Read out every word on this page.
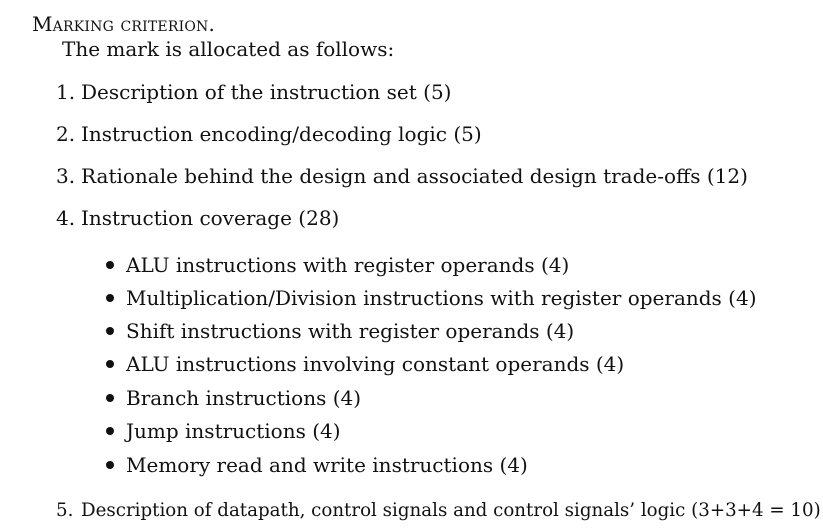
Marking criterion.
The mark is allocated as follows:
1. Description of the instruction set (5)
2. Instruction encoding/decoding logic (5)
3. Rationale behind the design and associated design trade-offs (12)
4. Instruction coverage (28)
ALU instructions with register operands (4)
Multiplication/Division instructions with register operands (4)
Shift instructions with register operands (4)
ALU instructions involving constant operands (4)
Branch instructions (4)
Jump instructions (4)
Memory read and write instructions (4)
5. Description of datapath, control signals and control signals’ logic (3+3+4 = 10)
